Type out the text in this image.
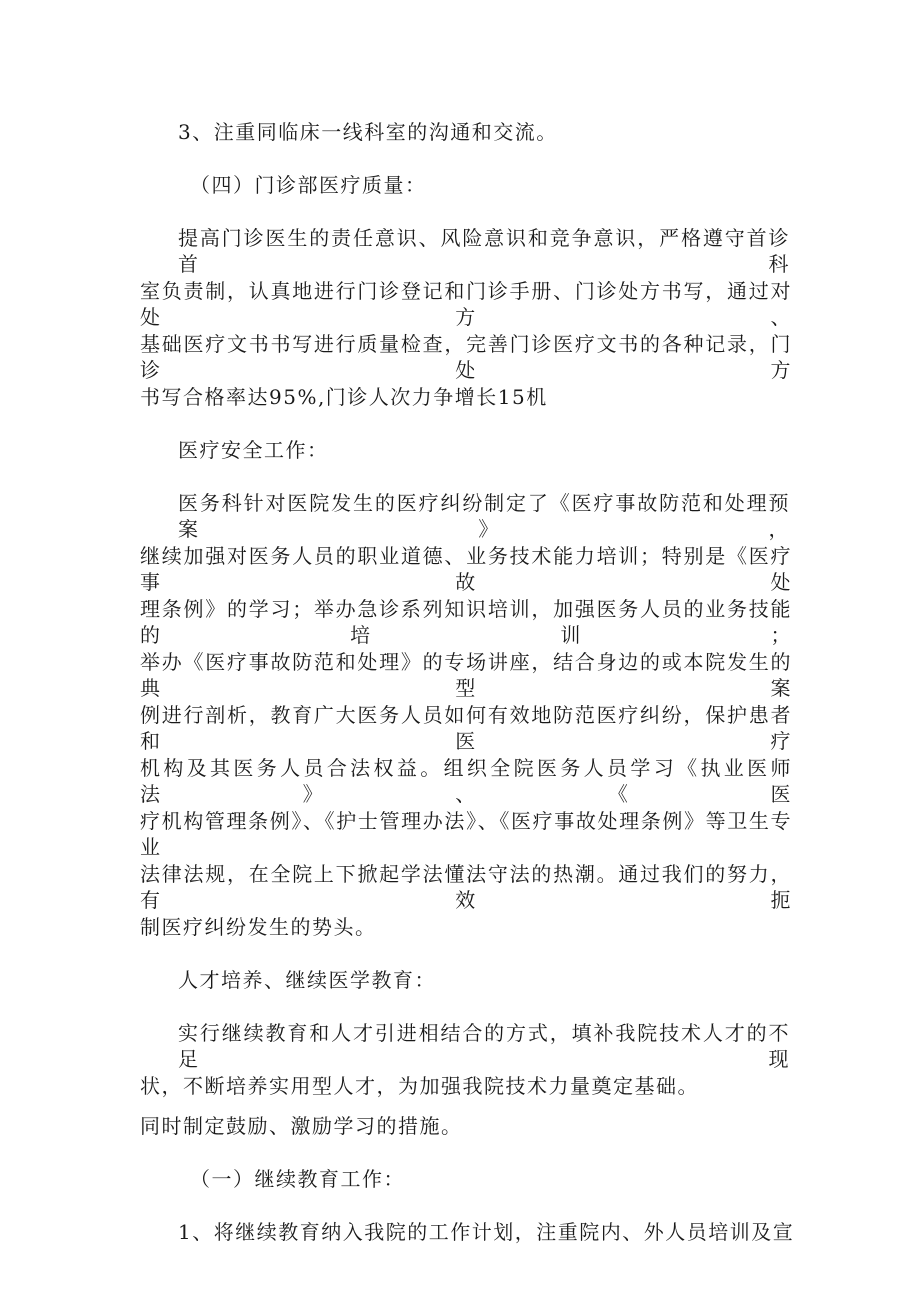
3、注重同临床一线科室的沟通和交流。
（四）门诊部医疗质量：
提高门诊医生的责任意识、风险意识和竞争意识，严格遵守首诊首科
室负责制，认真地进行门诊登记和门诊手册、门诊处方书写，通过对处方、
基础医疗文书书写进行质量检查，完善门诊医疗文书的各种记录，门诊处方
书写合格率达95%,门诊人次力争增长15机
医疗安全工作：
医务科针对医院发生的医疗纠纷制定了《医疗事故防范和处理预案》，
继续加强对医务人员的职业道德、业务技术能力培训；特别是《医疗事故处
理条例》的学习；举办急诊系列知识培训，加强医务人员的业务技能的培训；
举办《医疗事故防范和处理》的专场讲座，结合身边的或本院发生的典型案
例进行剖析，教育广大医务人员如何有效地防范医疗纠纷，保护患者和医疗
机构及其医务人员合法权益。组织全院医务人员学习《执业医师法》、《医
疗机构管理条例》、《护士管理办法》、《医疗事故处理条例》等卫生专业
法律法规，在全院上下掀起学法懂法守法的热潮。通过我们的努力，有效扼
制医疗纠纷发生的势头。
人才培养、继续医学教育：
实行继续教育和人才引进相结合的方式，填补我院技术人才的不足现
状，不断培养实用型人才，为加强我院技术力量奠定基础。
同时制定鼓励、激励学习的措施。
（一）继续教育工作：
1、将继续教育纳入我院的工作计划，注重院内、外人员培训及宣
